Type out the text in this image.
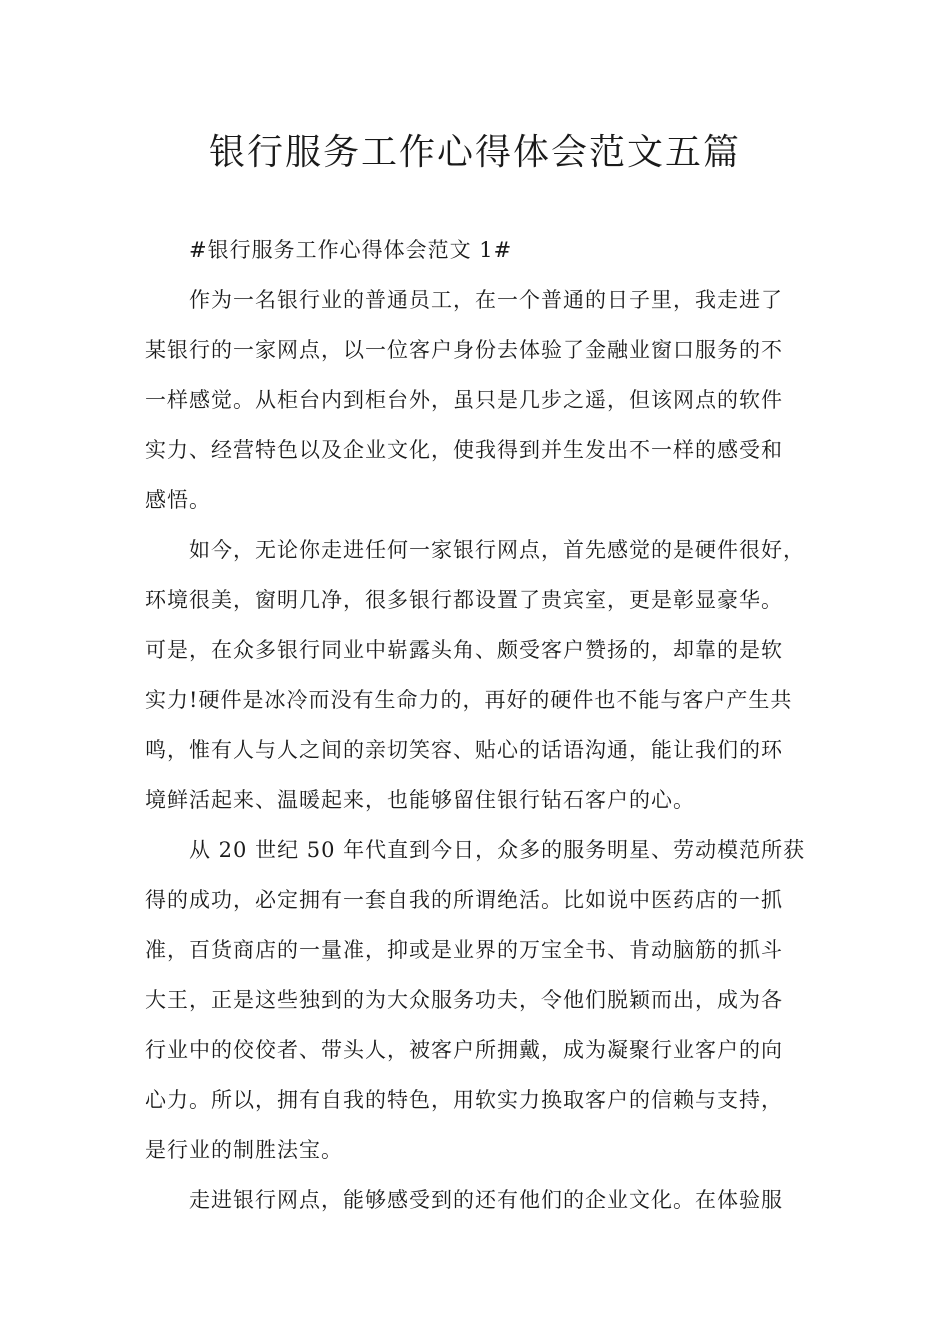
银行服务工作心得体会范文五篇
#银行服务工作心得体会范文 1#
作为一名银行业的普通员工，在一个普通的日子里，我走进了
某银行的一家网点，以一位客户身份去体验了金融业窗口服务的不
一样感觉。从柜台内到柜台外，虽只是几步之遥，但该网点的软件
实力、经营特色以及企业文化，使我得到并生发出不一样的感受和
感悟。
如今，无论你走进任何一家银行网点，首先感觉的是硬件很好，
环境很美，窗明几净，很多银行都设置了贵宾室，更是彰显豪华。
可是，在众多银行同业中崭露头角、颇受客户赞扬的，却靠的是软
实力!硬件是冰冷而没有生命力的，再好的硬件也不能与客户产生共
鸣，惟有人与人之间的亲切笑容、贴心的话语沟通，能让我们的环
境鲜活起来、温暖起来，也能够留住银行钻石客户的心。
从 20 世纪 50 年代直到今日，众多的服务明星、劳动模范所获
得的成功，必定拥有一套自我的所谓绝活。比如说中医药店的一抓
准，百货商店的一量准，抑或是业界的万宝全书、肯动脑筋的抓斗
大王，正是这些独到的为大众服务功夫，令他们脱颖而出，成为各
行业中的佼佼者、带头人，被客户所拥戴，成为凝聚行业客户的向
心力。所以，拥有自我的特色，用软实力换取客户的信赖与支持，
是行业的制胜法宝。
走进银行网点，能够感受到的还有他们的企业文化。在体验服
